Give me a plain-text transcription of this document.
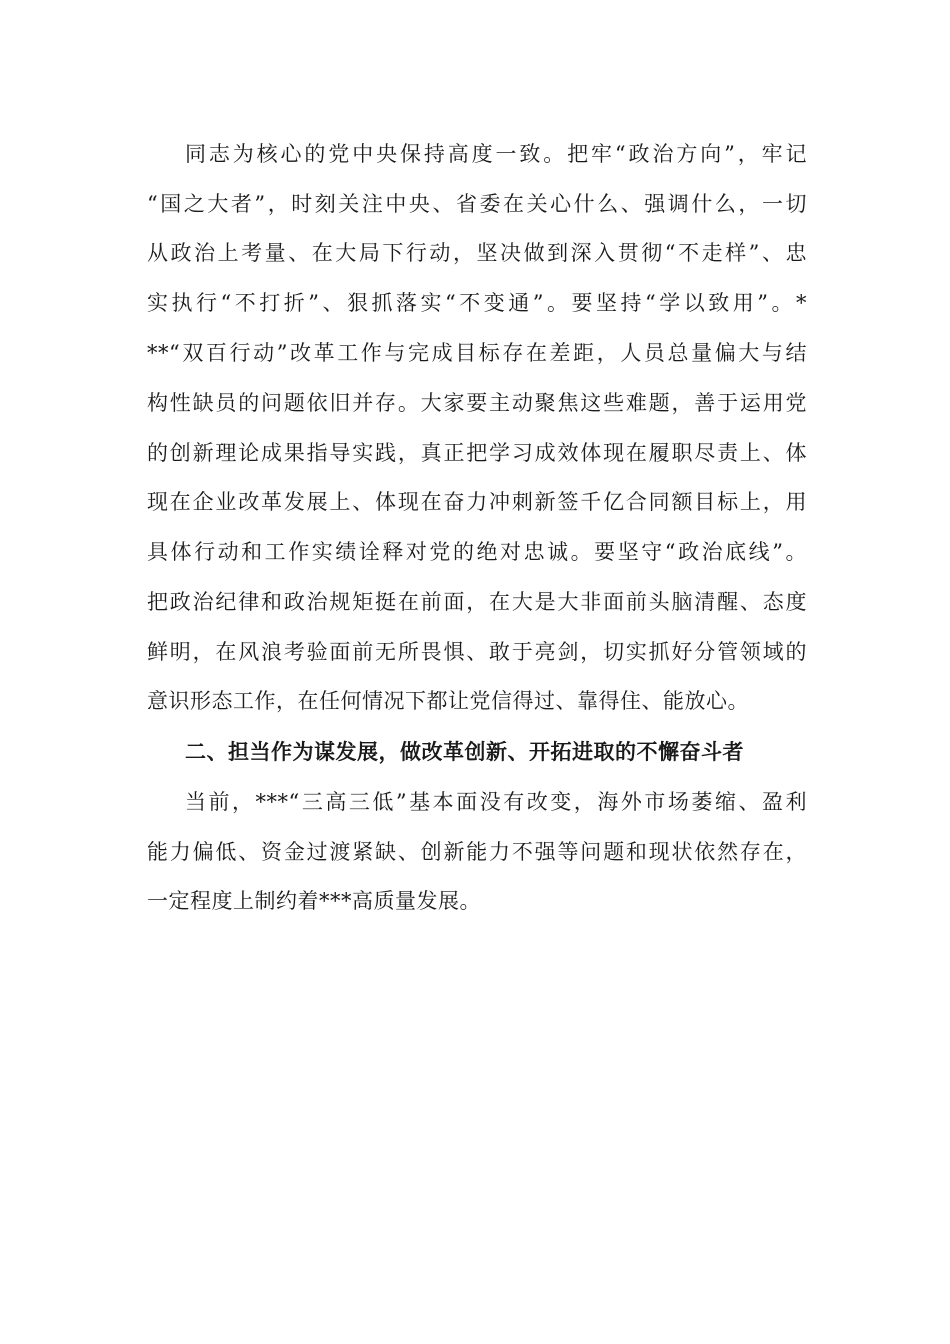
同志为核心的党中央保持高度一致。把牢“政治方向”，牢记
“国之大者”，时刻关注中央、省委在关心什么、强调什么，一切
从政治上考量、在大局下行动，坚决做到深入贯彻“不走样”、忠
实执行“不打折”、狠抓落实“不变通”。要坚持“学以致用”。*
**“双百行动”改革工作与完成目标存在差距，人员总量偏大与结
构性缺员的问题依旧并存。大家要主动聚焦这些难题，善于运用党
的创新理论成果指导实践，真正把学习成效体现在履职尽责上、体
现在企业改革发展上、体现在奋力冲刺新签千亿合同额目标上，用
具体行动和工作实绩诠释对党的绝对忠诚。要坚守“政治底线”。
把政治纪律和政治规矩挺在前面，在大是大非面前头脑清醒、态度
鲜明，在风浪考验面前无所畏惧、敢于亮剑，切实抓好分管领域的
意识形态工作，在任何情况下都让党信得过、靠得住、能放心。
二、担当作为谋发展，做改革创新、开拓进取的不懈奋斗者
当前，***“三高三低”基本面没有改变，海外市场萎缩、盈利
能力偏低、资金过渡紧缺、创新能力不强等问题和现状依然存在，
一定程度上制约着***高质量发展。
